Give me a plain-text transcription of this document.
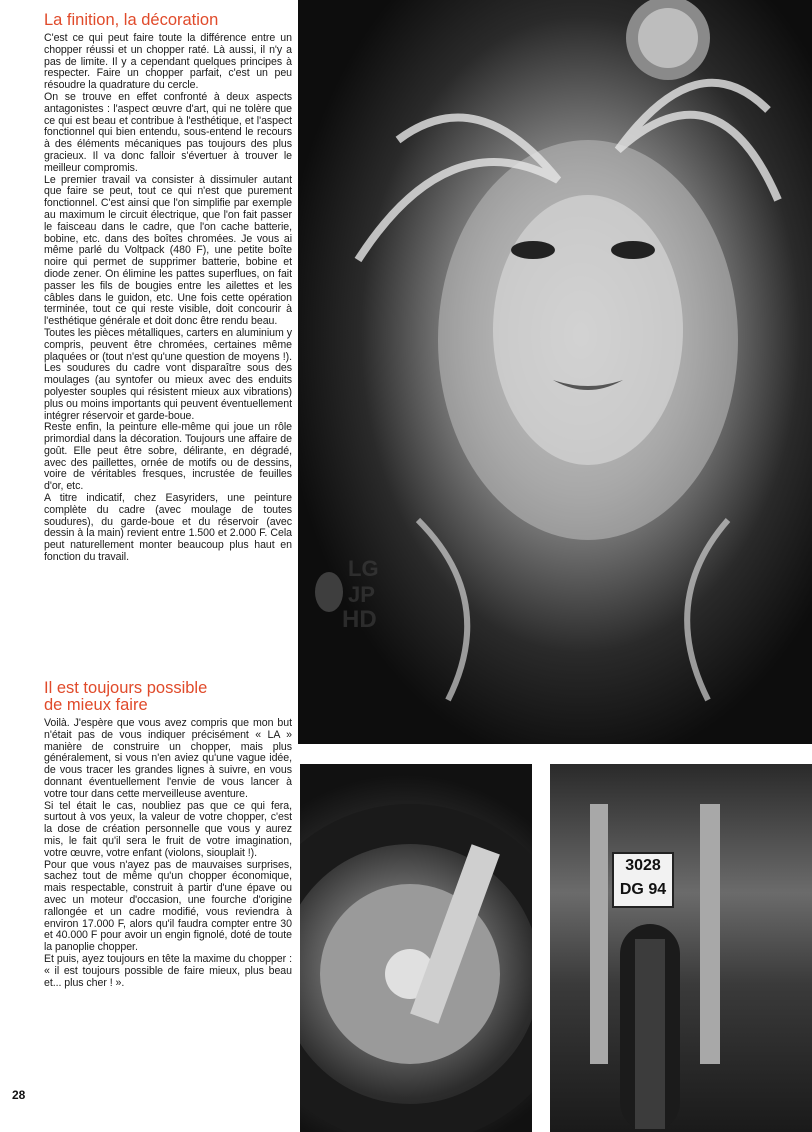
La finition, la décoration

C'est ce qui peut faire toute la différence entre un chopper réussi et un chopper raté. Là aussi, il n'y a pas de limite. Il y a cependant quelques principes à respecter. Faire un chopper parfait, c'est un peu résoudre la quadrature du cercle.

On se trouve en effet confronté à deux aspects antagonistes : l'aspect œuvre d'art, qui ne tolère que ce qui est beau et contribue à l'esthétique, et l'aspect fonctionnel qui bien entendu, sous-entend le recours à des éléments mécaniques pas toujours des plus gracieux. Il va donc falloir s'évertuer à trouver le meilleur compromis.

Le premier travail va consister à dissimuler autant que faire se peut, tout ce qui n'est que purement fonctionnel. C'est ainsi que l'on simplifie par exemple au maximum le circuit électrique, que l'on fait passer le faisceau dans le cadre, que l'on cache batterie, bobine, etc. dans des boîtes chromées. Je vous ai même parlé du Voltpack (480 F), une petite boîte noire qui permet de supprimer batterie, bobine et diode zener. On élimine les pattes superflues, on fait passer les fils de bougies entre les ailettes et les câbles dans le guidon, etc. Une fois cette opération terminée, tout ce qui reste visible, doit concourir à l'esthétique générale et doit donc être rendu beau.

Toutes les pièces métalliques, carters en aluminium y compris, peuvent être chromées, certaines même plaquées or (tout n'est qu'une question de moyens !). Les soudures du cadre vont disparaître sous des moulages (au syntofer ou mieux avec des enduits polyester souples qui résistent mieux aux vibrations) plus ou moins importants qui peuvent éventuellement intégrer réservoir et garde-boue.

Reste enfin, la peinture elle-même qui joue un rôle primordial dans la décoration. Toujours une affaire de goût. Elle peut être sobre, délirante, en dégradé, avec des paillettes, ornée de motifs ou de dessins, voire de véritables fresques, incrustée de feuilles d'or, etc.

A titre indicatif, chez Easyriders, une peinture complète du cadre (avec moulage de toutes soudures), du garde-boue et du réservoir (avec dessin à la main) revient entre 1.500 et 2.000 F. Cela peut naturellement monter beaucoup plus haut en fonction du travail.

Il est toujours possible
de mieux faire

Voilà. J'espère que vous avez compris que mon but n'était pas de vous indiquer précisément « LA » manière de construire un chopper, mais plus généralement, si vous n'en aviez qu'une vague idée, de vous tracer les grandes lignes à suivre, en vous donnant éventuellement l'envie de vous lancer à votre tour dans cette merveilleuse aventure.

Si tel était le cas, noubliez pas que ce qui fera, surtout à vos yeux, la valeur de votre chopper, c'est la dose de création personnelle que vous y aurez mis, le fait qu'il sera le fruit de votre imagination, votre œuvre, votre enfant (violons, siouplait !).

Pour que vous n'ayez pas de mauvaises surprises, sachez tout de même qu'un chopper économique, mais respectable, construit à partir d'une épave ou avec un moteur d'occasion, une fourche d'origine rallongée et un cadre modifié, vous reviendra à environ 17.000 F, alors qu'il faudra compter entre 30 et 40.000 F pour avoir un engin fignolé, doté de toute la panoplie chopper.

Et puis, ayez toujours en tête la maxime du chopper : « il est toujours possible de faire mieux, plus beau et... plus cher ! ».

LG
JP
HD
3028
DG 94
28
